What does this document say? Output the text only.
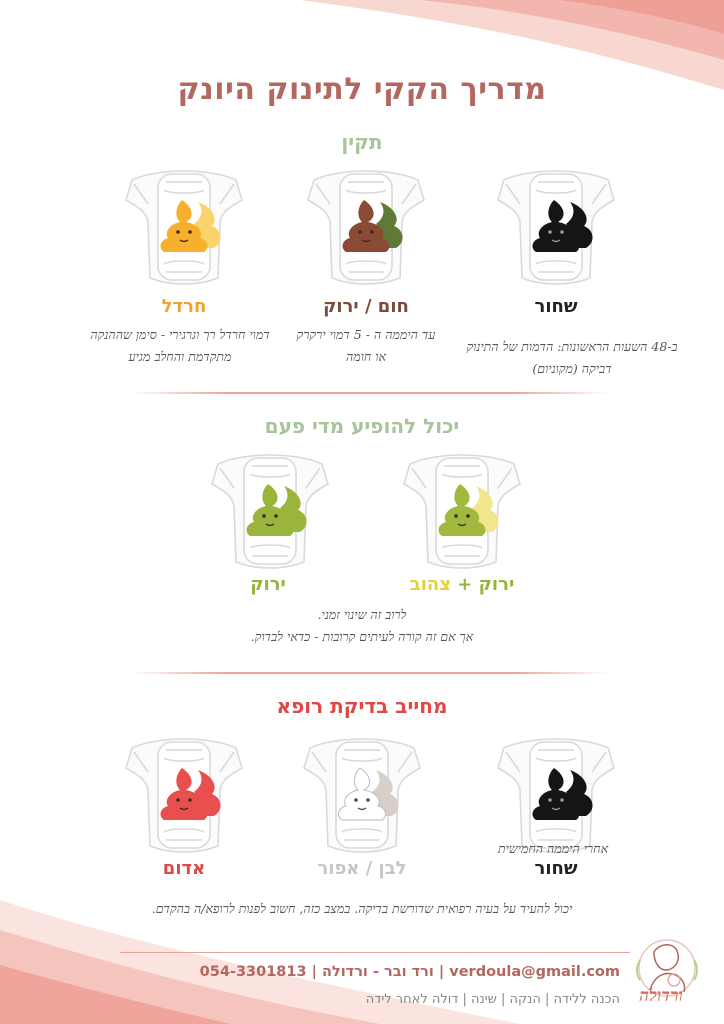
מדריך הקקי לתינוק היונק
תקין
חרדל	חום / ירוק	שחור
דמוי חרדל רך וגרגירי - סימן שההנקה מתקדמת והחלב מגיע
עד היממה ה - 5 דמוי ירקרק או חומה
ב-48 השעות הראשונות: הדמות של התינוק דביקה (מקוניום)
יכול להופיע מדי פעם
ירוק	ירוק + צהוב
לרוב זה שינוי זמני.
אך אם זה קורה לעיתים קרובות - כדאי לבדוק.
מחייב בדיקת רופא
אחרי היממה החמישית
אדום	לבן / אפור	שחור
יכול להעיד על בעיה רפואית שדורשת בדיקה. במצב כזה, חשוב לפנות לרופא/ה בהקדם.
ורד ובר - ורדולה | 054-3301813 | verdoula@gmail.com
הכנה ללידה | הנקה | שינה | דולה לאחר לידה	ורדולה
